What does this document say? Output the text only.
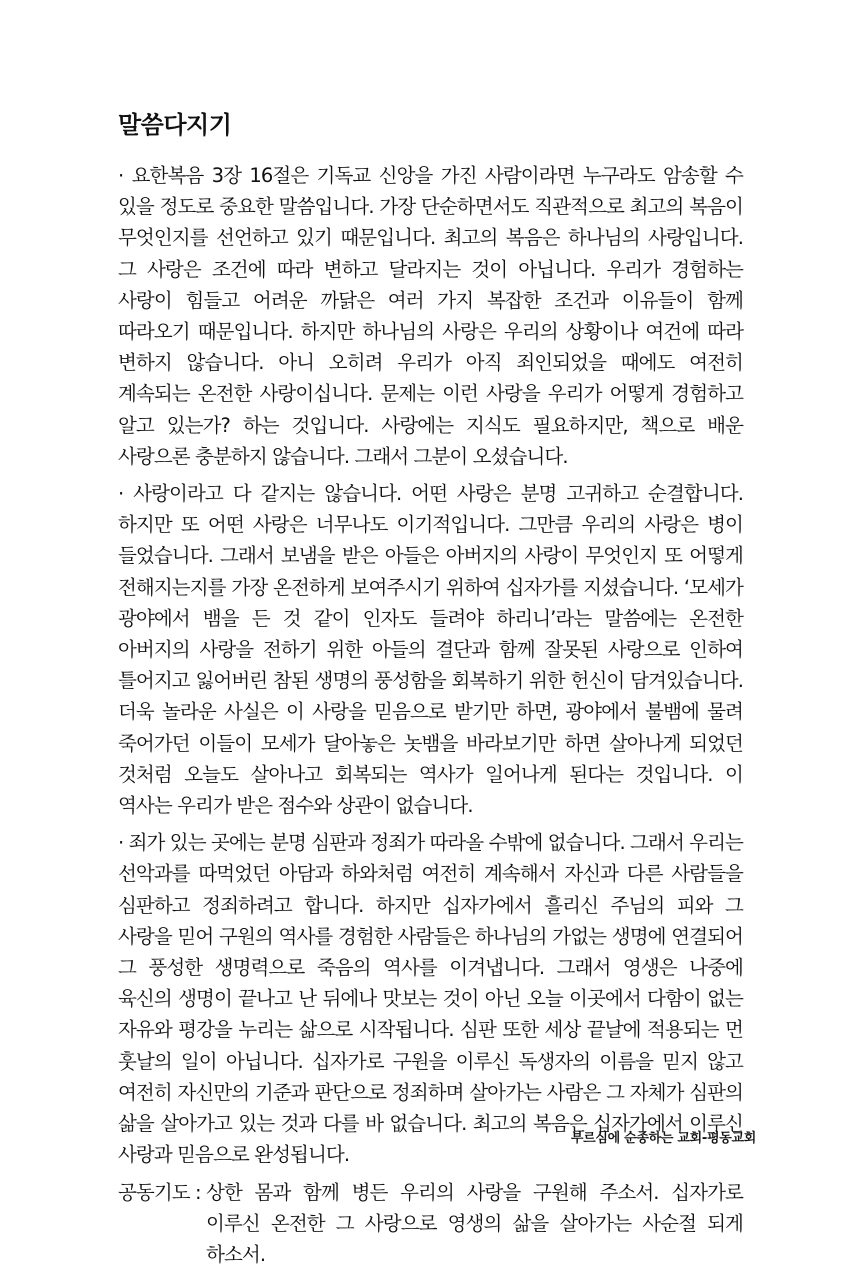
말씀다지기

· 요한복음 3장 16절은 기독교 신앙을 가진 사람이라면 누구라도 암송할 수 있을 정도로 중요한 말씀입니다. 가장 단순하면서도 직관적으로 최고의 복음이 무엇인지를 선언하고 있기 때문입니다. 최고의 복음은 하나님의 사랑입니다. 그 사랑은 조건에 따라 변하고 달라지는 것이 아닙니다. 우리가 경험하는 사랑이 힘들고 어려운 까닭은 여러 가지 복잡한 조건과 이유들이 함께 따라오기 때문입니다. 하지만 하나님의 사랑은 우리의 상황이나 여건에 따라 변하지 않습니다. 아니 오히려 우리가 아직 죄인되었을 때에도 여전히 계속되는 온전한 사랑이십니다. 문제는 이런 사랑을 우리가 어떻게 경험하고 알고 있는가? 하는 것입니다. 사랑에는 지식도 필요하지만, 책으로 배운 사랑으론 충분하지 않습니다. 그래서 그분이 오셨습니다.

· 사랑이라고 다 같지는 않습니다. 어떤 사랑은 분명 고귀하고 순결합니다. 하지만 또 어떤 사랑은 너무나도 이기적입니다. 그만큼 우리의 사랑은 병이 들었습니다. 그래서 보냄을 받은 아들은 아버지의 사랑이 무엇인지 또 어떻게 전해지는지를 가장 온전하게 보여주시기 위하여 십자가를 지셨습니다. ‘모세가 광야에서 뱀을 든 것 같이 인자도 들려야 하리니’라는 말씀에는 온전한 아버지의 사랑을 전하기 위한 아들의 결단과 함께 잘못된 사랑으로 인하여 틀어지고 잃어버린 참된 생명의 풍성함을 회복하기 위한 헌신이 담겨있습니다. 더욱 놀라운 사실은 이 사랑을 믿음으로 받기만 하면, 광야에서 불뱀에 물려 죽어가던 이들이 모세가 달아놓은 놋뱀을 바라보기만 하면 살아나게 되었던 것처럼 오늘도 살아나고 회복되는 역사가 일어나게 된다는 것입니다. 이 역사는 우리가 받은 점수와 상관이 없습니다.

· 죄가 있는 곳에는 분명 심판과 정죄가 따라올 수밖에 없습니다. 그래서 우리는 선악과를 따먹었던 아담과 하와처럼 여전히 계속해서 자신과 다른 사람들을 심판하고 정죄하려고 합니다. 하지만 십자가에서 흘리신 주님의 피와 그 사랑을 믿어 구원의 역사를 경험한 사람들은 하나님의 가없는 생명에 연결되어 그 풍성한 생명력으로 죽음의 역사를 이겨냅니다. 그래서 영생은 나중에 육신의 생명이 끝나고 난 뒤에나 맛보는 것이 아닌 오늘 이곳에서 다함이 없는 자유와 평강을 누리는 삶으로 시작됩니다. 심판 또한 세상 끝날에 적용되는 먼 훗날의 일이 아닙니다. 십자가로 구원을 이루신 독생자의 이름을 믿지 않고 여전히 자신만의 기준과 판단으로 정죄하며 살아가는 사람은 그 자체가 심판의 삶을 살아가고 있는 것과 다를 바 없습니다. 최고의 복음은 십자가에서 이루신 사랑과 믿음으로 완성됩니다.

공동기도 : 상한 몸과 함께 병든 우리의 사랑을 구원해 주소서. 십자가로 이루신 온전한 그 사랑으로 영생의 삶을 살아가는 사순절 되게 하소서.
부르심에 순종하는 교회-평동교회
